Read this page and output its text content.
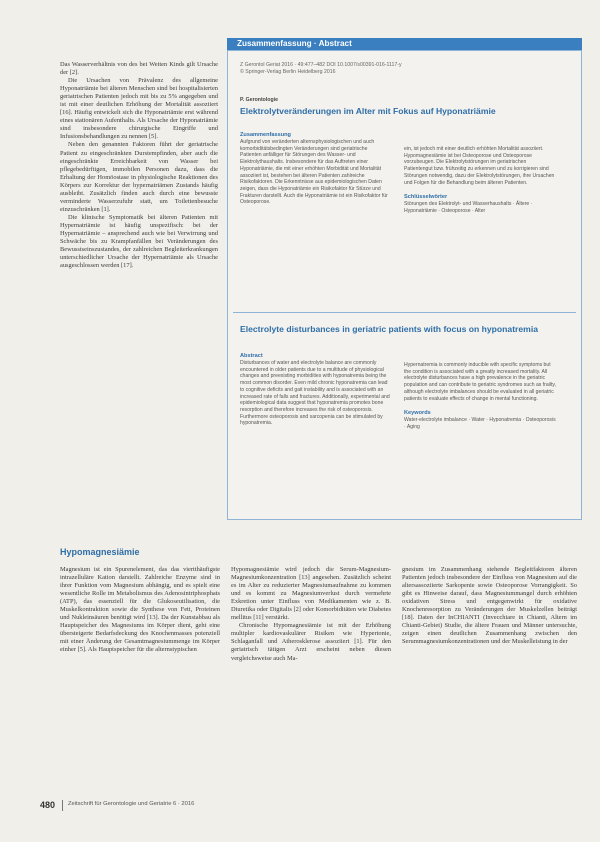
Das Wasserverhältnis von des bei Weiten Kinds gilt Ursache der [2].

Die Ursachen von Prävalenz des allgemeine Hyponatriämie bei älteren Menschen sind bei hospitalisierten geriatrischen Patienten jedoch mit bis zu 5% angegeben und ist mit einer deutlichen Erhöhung der Mortalität assoziiert [16]. Häufig entwickelt sich die Hyponatriämie erst während eines stationären Aufenthalts. Als Ursache der Hyponatriämie sind insbesondere chirurgische Eingriffe und Infusionsbehandlungen zu nennen [5].

Neben den genannten Faktoren führt der geriatrische Patient zu eingeschränkten Durstempfinden, aber auch die eingeschränkte Erreichbarkeit von Wasser bei pflegebedürftigen, immobilen Personen dazu, dass die Erhaltung der Homöostase in physiologische Reaktionen des Körpers zur Korrektur der hypernatriämen Zustands häufig ausbleibt. Zusätzlich finden auch durch eine bewusste verminderte Wasserzufuhr statt, um Toilettenbesuche einzuschränken [1].

Die klinische Symptomatik bei älteren Patienten mit Hypernatriämie ist häufig unspezifisch: bei der Hypernatriämie – ansprechend auch wie bei Verwirrung und Schwäche bis zu Krampfanfällen bei Veränderungen des Bewusstseinszustandes, der zahlreichen Begleiterkrankungen unterschiedlicher Ursache der Hypernatriämie als Ursache ausgeschlossen werden [17].

Hypomagnesiämie
Zusammenfassung · Abstract
Z Gerontol Geriat 2016 · 49:477–482 DOI 10.1007/s00391-016-1117-y
© Springer-Verlag Berlin Heidelberg 2016
P. Gerontologie
Elektrolytveränderungen im Alter mit Fokus auf Hyponatriämie

Zusammenfassung

Aufgrund von veränderten alternsphysiologischen und auch komorbiditätsbedingten Veränderungen sind geriatrische Patienten anfälliger für Störungen des Wasser- und Elektrolythaushalts. Insbesondere für das Auftreten einer Hyponatriämie, die mit einer erhöhten Morbidität und Mortalität assoziiert ist, bestehen bei älteren Patienten zahlreiche Risikofaktoren. Die Erkenntnisse aus epidemiologischen Daten zeigen, dass die Hyponatriämie ein Risikofaktor für Stürze und Frakturen darstellt. Auch die Hyponatriämie ist ein Risikofaktor für Osteoporose.

ein, ist jedoch mit einer deutlich erhöhten Mortalität assoziiert. Hypomagnesiämie ist bei Osteoporose und Osteoporose vorzubeugen. Die Elektrolytstörungen im geriatrischen Patientengut bzw. frühzeitig zu erkennen und zu korrigieren sind Störungen notwendig, dazu der Elektrolytstörungen, ihre Ursachen und Folgen für die Behandlung beim älteren Patienten.

Schlüsselwörter

Störungen des Elektrolyt- und Wasserhaushalts · Ältere · Hyponatriämie · Osteoporose · Alter

Electrolyte disturbances in geriatric patients with focus on hyponatremia

Abstract

Disturbances of water and electrolyte balance are commonly encountered in older patients due to a multitude of physiological changes and preexisting morbidities with hyponatremia being the most common disorder. Even mild chronic hyponatremia can lead to cognitive deficits and gait instability and is associated with an increased rate of falls and fractures. Additionally, experimental and epidemiological data suggest that hyponatremia promotes bone resorption and therefore increases the risk of osteoporosis. Furthermore osteoporosis and sarcopenia can be stimulated by hyponatremia.

Hypernatremia is commonly inducible with specific symptoms but the condition is associated with a greatly increased mortality. All electrolyte disturbances have a high prevalence in the geriatric population and can contribute to geriatric syndromes such as frailty, although electrolyte imbalances should be evaluated in all geriatric patients to evaluate effects of change in mental functioning.

Keywords

Water-electrolyte imbalance · Water · Hyponatremia · Osteoporosis · Aging

Magnesium ist ein Spurenelement, das das viertthäufigste intrazelluläre Kation darstellt. Zahlreiche Enzyme sind in ihrer Funktion vom Magnesium abhängig, und es spielt eine wesentliche Rolle im Metabolismus des Adenosintriphosphats (ATP), das essenziell für die Glukoseutilisation, die Muskelkontraktion sowie die Synthese von Fett, Proteinen und Nukleinsäuren benötigt wird [13]. Da der Kunstabbau als Hauptspeicher des Magnesiums im Körper dient, geht eine übersteigerte Bedarfsdeckung des Knochenmasses potenziell mit einer Änderung der Gesamtmagnesiummenge im Körper einher [5]. Als Hauptspeicher für die alternstypischen

Hypomagnesiämie wird jedoch die Serum-Magnesium-Magnesiumkonzentration [13] angesehen. Zusätzlich scheint es im Alter zu reduzierter Magnesiumaufnahme zu kommen und es kommt zu Magnesiumverlust durch vermehrte Exkretion unter Einfluss von Medikamenten wie z. B. Diuretika oder Digitalis [2] oder Komorbiditäten wie Diabetes mellitus [11] verstärkt.

Chronische Hypomagnesiämie ist mit der Erhöhung multipler kardiovaskulärer Risiken wie Hypertonie, Schlaganfall und Atherosklerose assoziiert [1]. Für den geriatrisch tätigen Arzt erscheint neben diesen vergleichsweise auch Ma-

gnesium im Zusammenhang stehende Begleitfaktoren älteren Patienten jedoch insbesondere der Einfluss von Magnesium auf die altersassoziierte Sarkopenie sowie Osteoporose Vorrangigkeit. So gibt es Hinweise darauf, dass Magnesiummangel durch erhöhten oxidativen Stress und entgegenwirkt für oxidative Knochenresorption zu Veränderungen der Muskelzellen beiträgt [18]. Daten der InCHIANTI (Invecchiare in Chianti, Altern im Chianti-Gebiet) Studie, die ältere Frauen und Männer untersuchte, zeigen einen deutlichen Zusammenhang zwischen den Serummagnesiumkonzentrationen und der Muskelleistung in der

480 Zeitschrift für Gerontologie und Geriatrie 6 · 2016
